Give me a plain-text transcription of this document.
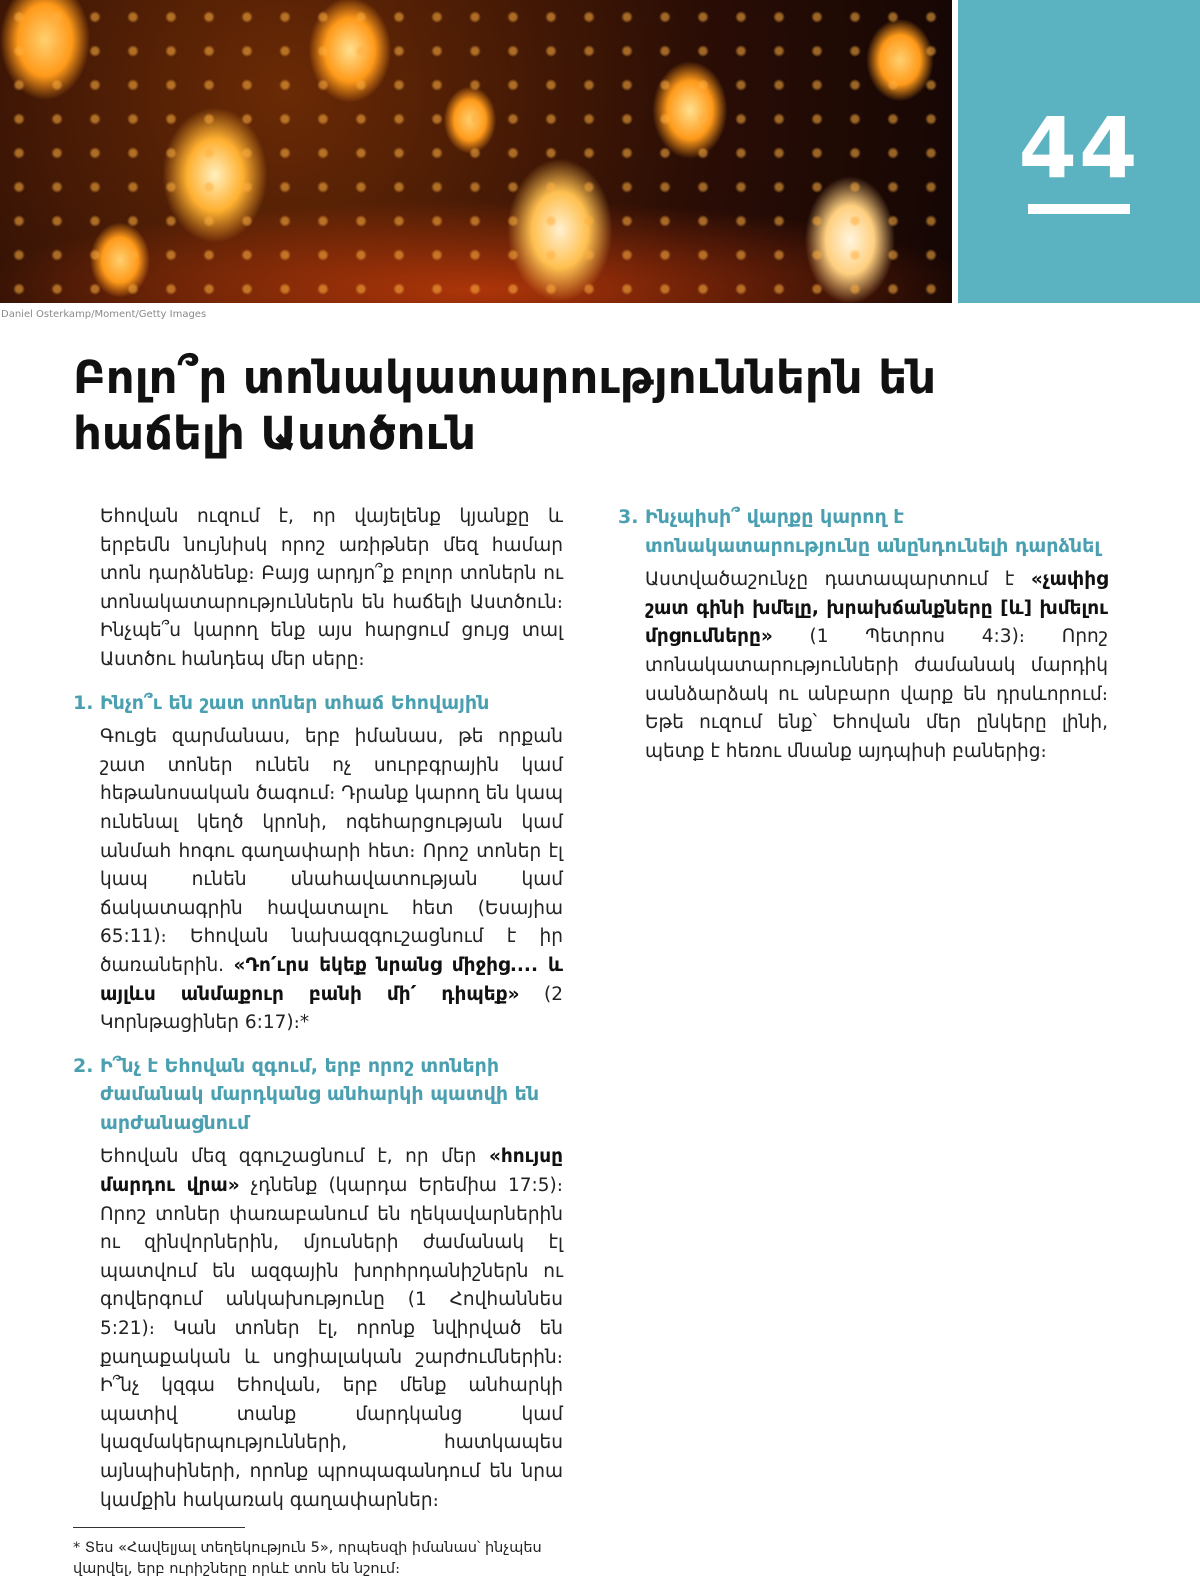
44
Daniel Osterkamp/Moment/Getty Images
Բոլո՞ր տոնակատարություններն են հաճելի Աստծուն

Եհովան ուզում է, որ վայելենք կյանքը և երբեմն նույնիսկ որոշ առիթներ մեզ համար տոն դարձնենք։ Բայց արդյո՞ք բոլոր տոներն ու տոնակատարություններն են հաճելի Աստծուն։ Ինչպե՞ս կարող ենք այս հարցում ցույց տալ Աստծու հանդեպ մեր սերը։

1. Ինչո՞ւ են շատ տոներ տհաճ Եհովային

Գուցե զարմանաս, երբ իմանաս, թե որքան շատ տոներ ունեն ոչ սուրբգրային կամ հեթանոսական ծագում։ Դրանք կարող են կապ ունենալ կեղծ կրոնի, ոգեհարցության կամ անմահ հոգու գաղափարի հետ։ Որոշ տոներ էլ կապ ունեն սնահավատության կամ ճակատագրին հավատալու հետ (Եսայիա 65:11)։ Եհովան նախազգուշացնում է իր ծառաներին. «Դո՛ւրս եկեք նրանց միջից.... և այլևս անմաքուր բանի մի՛ դիպեք» (2 Կորնթացիներ 6:17)։*

2. Ի՞նչ է Եհովան զգում, երբ որոշ տոների ժամանակ մարդկանց անհարկի պատվի են արժանացնում

Եհովան մեզ զգուշացնում է, որ մեր «հույսը մարդու վրա» չդնենք (կարդա Երեմիա 17:5)։ Որոշ տոներ փառաբանում են ղեկավարներին ու զինվորներին, մյուսների ժամանակ էլ պատվում են ազգային խորհրդանիշներն ու գովերգում անկախությունը (1 Հովհաննես 5:21)։ Կան տոներ էլ, որոնք նվիրված են քաղաքական և սոցիալական շարժումներին։ Ի՞նչ կզգա Եհովան, երբ մենք անհարկի պատիվ տանք մարդկանց կամ կազմակերպությունների, հատկապես այնպիսիների, որոնք պրոպագանդում են նրա կամքին հակառակ գաղափարներ։

* Տես «Հավելյալ տեղեկություն 5», որպեսզի իմանաս՝ ինչպես վարվել, երբ ուրիշները որևէ տոն են նշում։
3. Ինչպիսի՞ վարքը կարող է տոնակատարությունը անընդունելի դարձնել

Աստվածաշունչը դատապարտում է «չափից շատ գինի խմելը, խրախճանքները [և] խմելու մրցումները» (1 Պետրոս 4:3)։ Որոշ տոնակատարությունների ժամանակ մարդիկ սանձարձակ ու անբարո վարք են դրսևորում։ Եթե ուզում ենք՝ Եհովան մեր ընկերը լինի, պետք է հեռու մնանք այդպիսի բաներից։
